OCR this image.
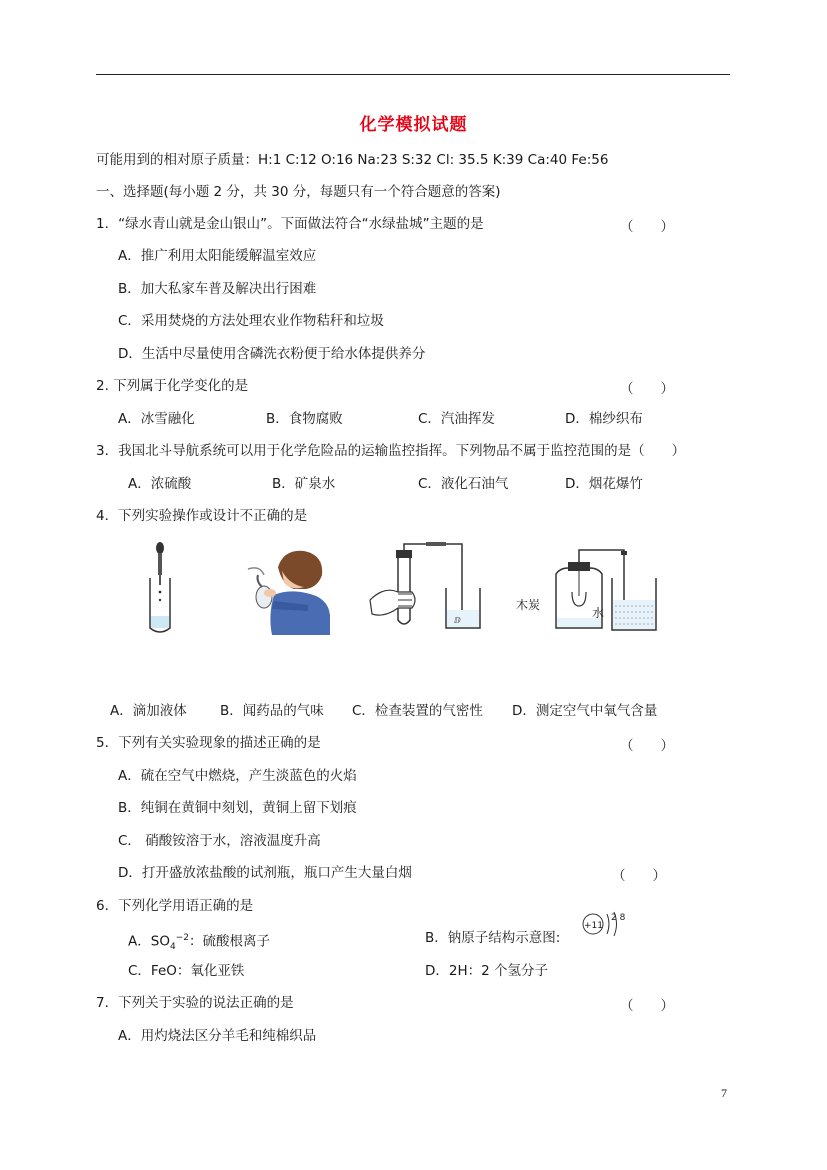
化学模拟试题
可能用到的相对原子质量：H:1 C:12 O:16 Na:23 S:32 Cl: 35.5 K:39 Ca:40 Fe:56
一、选择题(每小题 2 分，共 30 分，每题只有一个符合题意的答案)
1．“绿水青山就是金山银山”。下面做法符合“水绿盐城”主题的是	（　　）
A．推广利用太阳能缓解温室效应
B．加大私家车普及解决出行困难
C．采用焚烧的方法处理农业作物秸秆和垃圾
D．生活中尽量使用含磷洗衣粉便于给水体提供养分
2. 下列属于化学变化的是	（　　）
A．冰雪融化	B．食物腐败	C．汽油挥发	D．棉纱织布
3．我国北斗导航系统可以用于化学危险品的运输监控指挥。下列物品不属于监控范围的是（　　）
A．浓硫酸	B．矿泉水	C．液化石油气	D．烟花爆竹
4．下列实验操作或设计不正确的是
ⅅ
木炭
水
A．滴加液体 B．闻药品的气味 C．检查装置的气密性 D．测定空气中氧气含量
5．下列有关实验现象的描述正确的是	（　　）
A．硫在空气中燃烧，产生淡蓝色的火焰
B．纯铜在黄铜中刻划，黄铜上留下划痕
C． 硝酸铵溶于水，溶液温度升高
D．打开盛放浓盐酸的试剂瓶，瓶口产生大量白烟	（　　）
6．下列化学用语正确的是
A．$SO_4^{-2}$：硫酸根离子	B．钠原子结构示意图:
+11
2 8
C．FeO：氧化亚铁	D．2H：2 个氢分子
7．下列关于实验的说法正确的是	（　　）
A．用灼烧法区分羊毛和纯棉织品
7
